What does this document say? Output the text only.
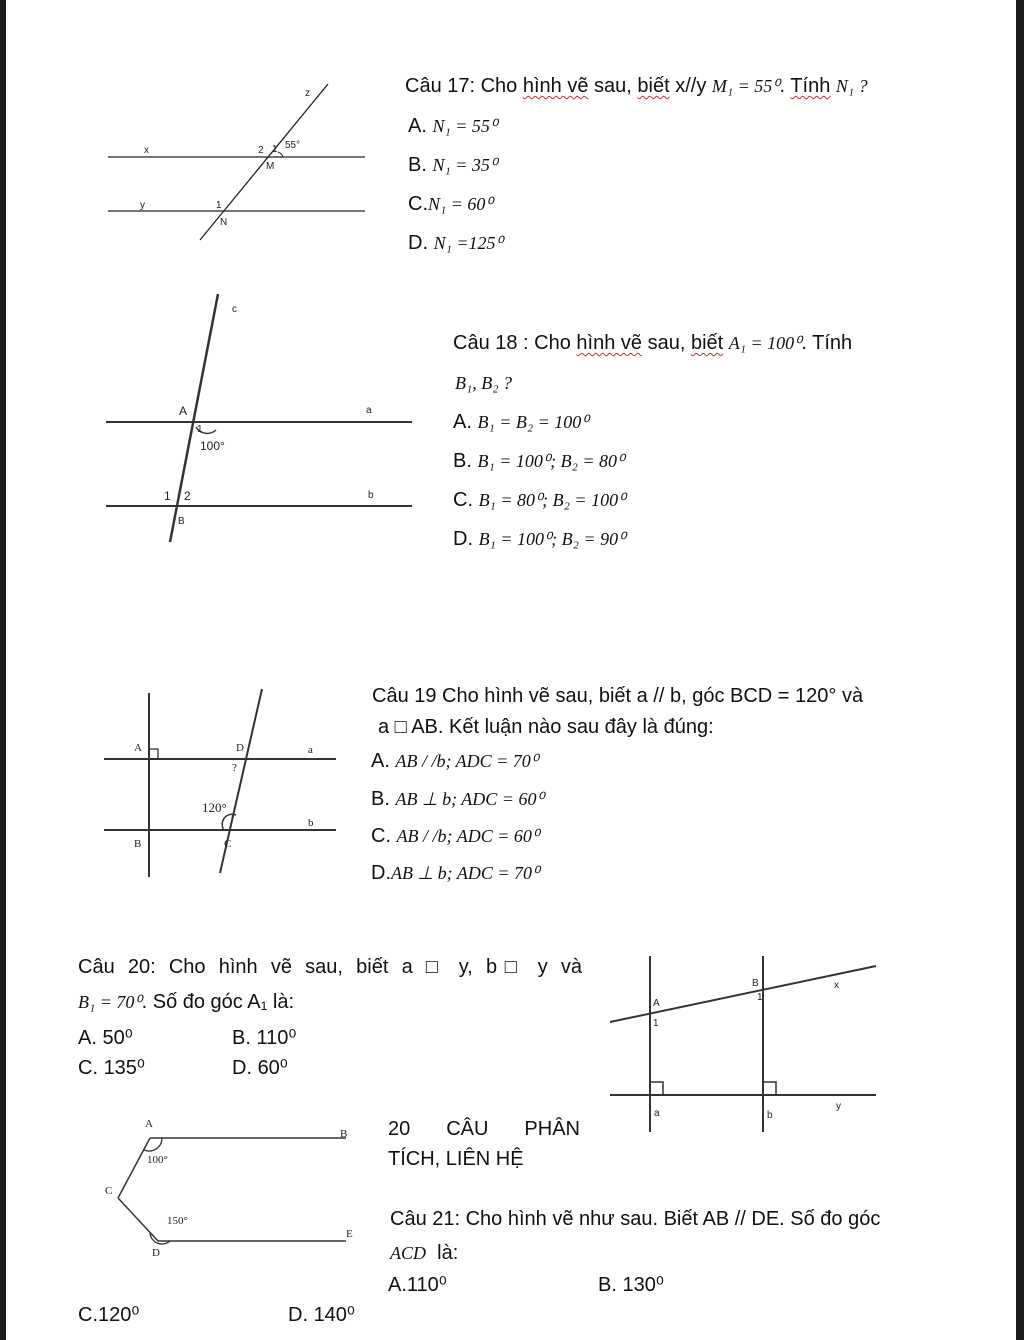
Câu 17: Cho hình vẽ sau, biết x//y M₁ = 55⁰. Tính N₁ ?
A. N₁ = 55⁰
B. N₁ = 35⁰
C.N₁ = 60⁰
D. N₁ =125⁰
z
x
y
2 1 55°
M
1
N
Câu 18 : Cho hình vẽ sau, biết A₁ = 100⁰. Tính
B₁, B₂ ?
A. B₁ = B₂ = 100⁰
B. B₁ = 100⁰; B₂ = 80⁰
C. B₁ = 80⁰; B₂ = 100⁰
D. B₁ = 100⁰; B₂ = 90⁰
c
A	a
1
100°
1 2	b
B
Câu 19 Cho hình vẽ sau, biết a // b, góc BCD = 120° và
a □ AB. Kết luận nào sau đây là đúng:
A. AB / /b; ADC = 70⁰
B. AB ⊥ b; ADC = 60⁰
C. AB / /b; ADC = 60⁰
D.AB ⊥ b; ADC = 70⁰
A	D	a
?
120°
b
B	C
Câu 20: Cho hình vẽ sau, biết a □ y, b□ y và
B₁ = 70⁰. Số đo góc A₁ là:
A. 50⁰	B. 110⁰
C. 135⁰	D. 60⁰
B	x
A
1
1
y
a	b
20 CÂU PHÂN
TÍCH, LIÊN HỆ
Câu 21: Cho hình vẽ như sau. Biết AB // DE. Số đo góc
ACD là:
A.110⁰	B. 130⁰
C.120⁰	D. 140⁰
A
B
100°
C
150°
E
D
